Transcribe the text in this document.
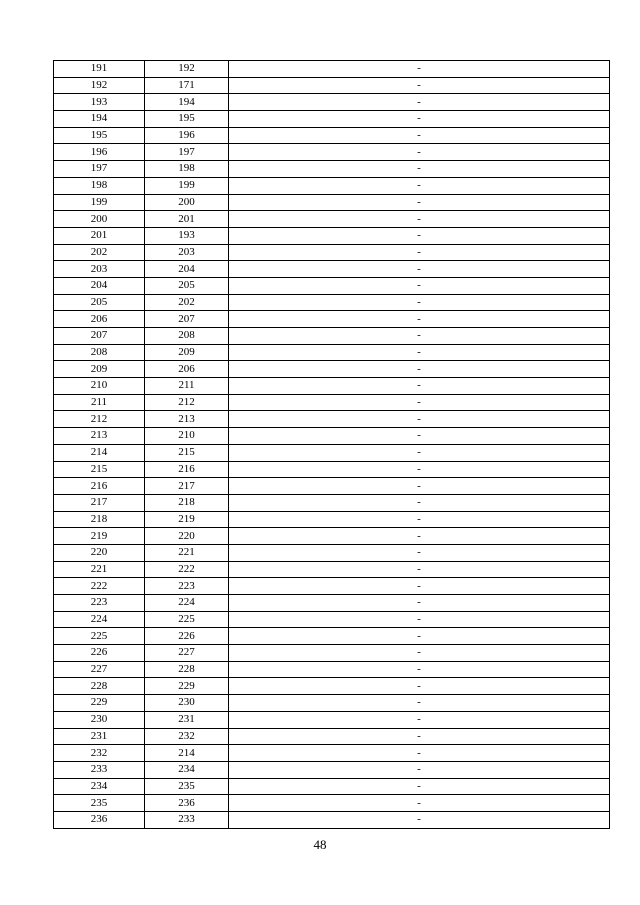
191	192	-
192	171	-
193	194	-
194	195	-
195	196	-
196	197	-
197	198	-
198	199	-
199	200	-
200	201	-
201	193	-
202	203	-
203	204	-
204	205	-
205	202	-
206	207	-
207	208	-
208	209	-
209	206	-
210	211	-
211	212	-
212	213	-
213	210	-
214	215	-
215	216	-
216	217	-
217	218	-
218	219	-
219	220	-
220	221	-
221	222	-
222	223	-
223	224	-
224	225	-
225	226	-
226	227	-
227	228	-
228	229	-
229	230	-
230	231	-
231	232	-
232	214	-
233	234	-
234	235	-
235	236	-
236	233	-
48
